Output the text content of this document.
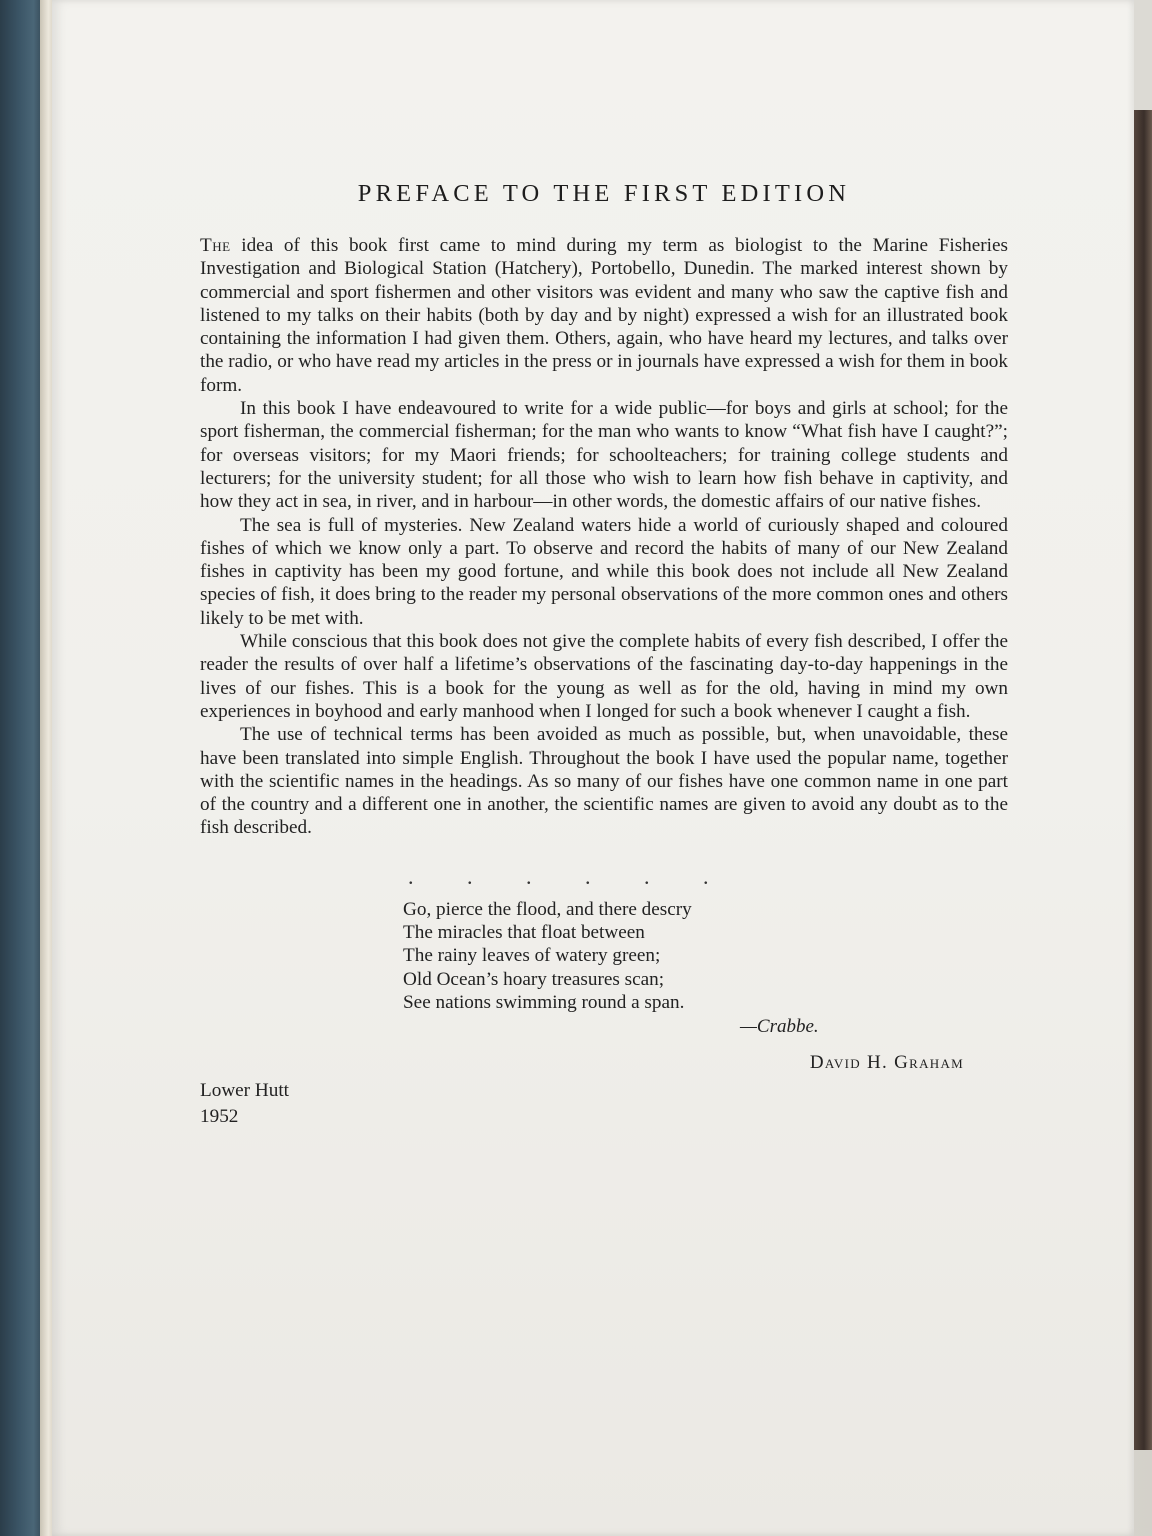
PREFACE TO THE FIRST EDITION

The idea of this book first came to mind during my term as biologist to the Marine Fisheries Investigation and Biological Station (Hatchery), Portobello, Dunedin. The marked interest shown by commercial and sport fishermen and other visitors was evident and many who saw the captive fish and listened to my talks on their habits (both by day and by night) expressed a wish for an illustrated book containing the information I had given them. Others, again, who have heard my lectures, and talks over the radio, or who have read my articles in the press or in journals have expressed a wish for them in book form.

In this book I have endeavoured to write for a wide public—for boys and girls at school; for the sport fisherman, the commercial fisherman; for the man who wants to know “What fish have I caught?”; for overseas visitors; for my Maori friends; for schoolteachers; for training college students and lecturers; for the university student; for all those who wish to learn how fish behave in captivity, and how they act in sea, in river, and in harbour—in other words, the domestic affairs of our native fishes.

The sea is full of mysteries. New Zealand waters hide a world of curiously shaped and coloured fishes of which we know only a part. To observe and record the habits of many of our New Zealand fishes in captivity has been my good fortune, and while this book does not include all New Zealand species of fish, it does bring to the reader my personal observations of the more common ones and others likely to be met with.

While conscious that this book does not give the complete habits of every fish described, I offer the reader the results of over half a lifetime’s observations of the fascinating day-to-day happenings in the lives of our fishes. This is a book for the young as well as for the old, having in mind my own experiences in boyhood and early manhood when I longed for such a book whenever I caught a fish.

The use of technical terms has been avoided as much as possible, but, when unavoidable, these have been translated into simple English. Throughout the book I have used the popular name, together with the scientific names in the headings. As so many of our fishes have one common name in one part of the country and a different one in another, the scientific names are given to avoid any doubt as to the fish described.

. . . . . .
Go, pierce the flood, and there descry
The miracles that float between
The rainy leaves of watery green;
Old Ocean’s hoary treasures scan;
See nations swimming round a span.
—Crabbe.
David H. Graham
Lower Hutt
1952
